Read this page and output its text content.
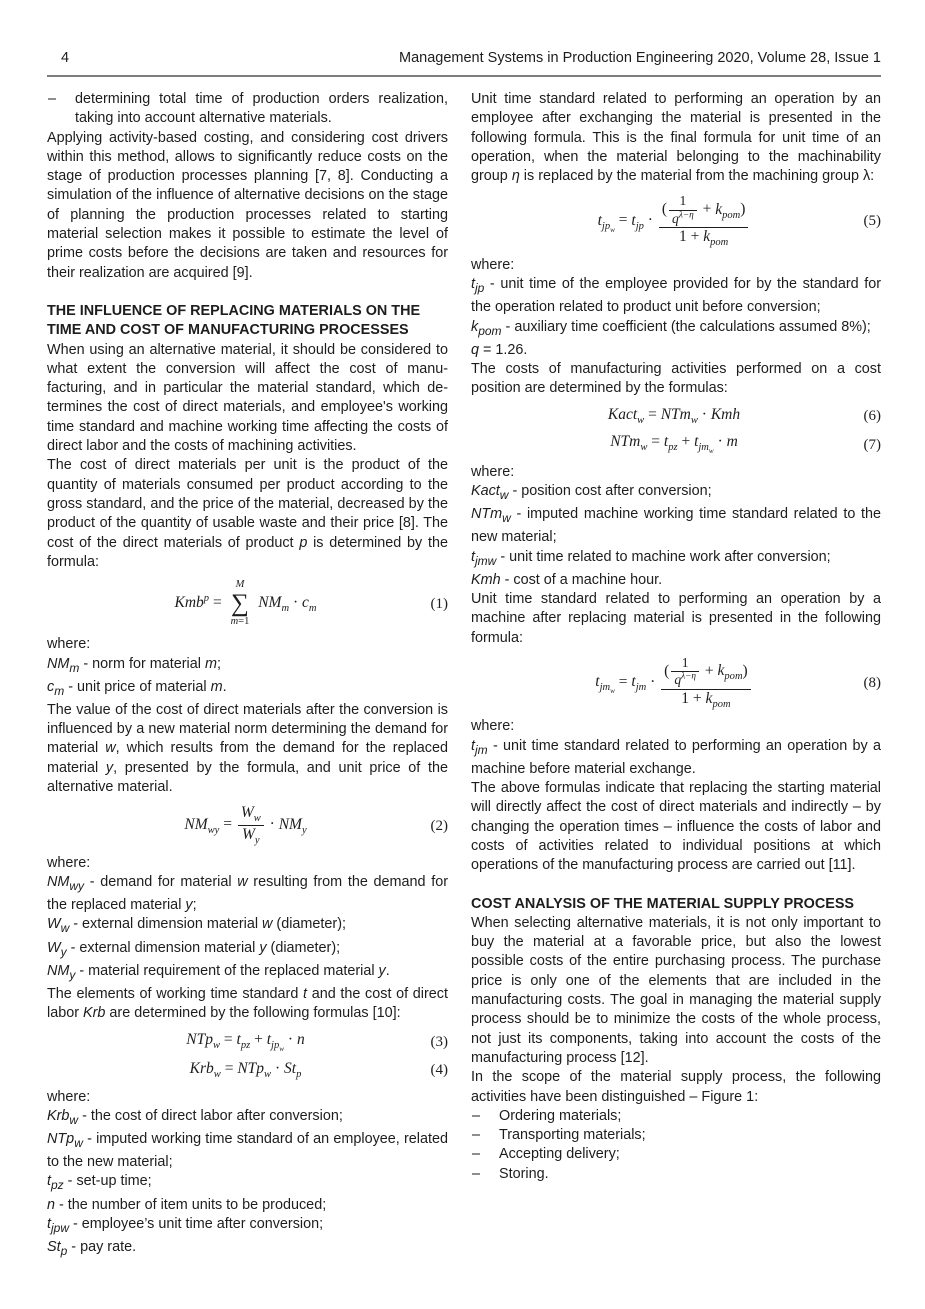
4	Management Systems in Production Engineering 2020, Volume 28, Issue 1
– determining total time of production orders realization, taking into account alternative materials.

Applying activity-based costing, and considering cost drivers within this method, allows to significantly reduce costs on the stage of production processes planning [7, 8]. Conducting a simulation of the influence of alternative decisions on the stage of planning the production processes related to starting material selection makes it possible to estimate the level of prime costs before the decisions are taken and resources for their realization are acquired [9].

THE INFLUENCE OF REPLACING MATERIALS ON THE TIME AND COST OF MANUFACTURING PROCESSES

When using an alternative material, it should be considered to what extent the conversion will affect the cost of manufacturing, and in particular the material standard, which determines the cost of direct materials, and employee's working time standard and machine working time affecting the costs of direct labor and the costs of machining activities.

The cost of direct materials per unit is the product of the quantity of materials consumed per product according to the gross standard, and the price of the material, decreased by the product of the quantity of usable waste and their price [8]. The cost of the direct materials of product p is determined by the formula:

Kmb$^p$ =
M
∑
m=1
$NM_m \cdot c_m$	(1)

where:

$NM_m$ - norm for material m;

$c_m$ - unit price of material m.

The value of the cost of direct materials after the conversion is influenced by a new material norm determining the demand for material w, which results from the demand for the replaced material y, presented by the formula, and unit price of the alternative material.

$NM_{wy} = \frac{W_w}{W_y} \cdot NM_y$	(2)

where:

$NM_{wy}$ - demand for material w resulting from the demand for the replaced material y;

$W_w$ - external dimension material w (diameter);

$W_y$ - external dimension material y (diameter);

$NM_y$ - material requirement of the replaced material y.

The elements of working time standard t and the cost of direct labor Krb are determined by the following formulas [10]:

$NTp_w = t_{pz} + t_{jp_w} \cdot n$	(3)
$Krb_w = NTp_w \cdot St_p$	(4)

where:

Krb$_w$ - the cost of direct labor after conversion;

NTp$_w$ - imputed working time standard of an employee, related to the new material;

$t_{pz} - set-up$ time;

n - the number of item units to be produced;

$t_{jpw}$ - employee’s unit time after conversion;

$St_p$ - pay rate.

Unit time standard related to performing an operation by an employee after exchanging the material is presented in the following formula. This is the final formula for unit time of an operation, when the material belonging to the machinability group η is replaced by the material from the machining group λ:

$t_{jp_w} = t_{jp}$ ·
( $\frac{1}{q^{\lambda-\eta}} + k_{pom}$)
$1 + k_{pom}$
(5)

where:

$t_{jp}$ - unit time of the employee provided for by the standard for the operation related to product unit before conversion;

$k_{pom}$ - auxiliary time coefficient (the calculations assumed 8%);

q = 1.26.

The costs of manufacturing activities performed on a cost position are determined by the formulas:

Kact$_w$ = NTm$_w$ · Kmh	(6)
$NTm_w = t_{pz} + t_{jm_w} \cdot m$	(7)

where:

Kact$_w$ - position cost after conversion;

NTm$_w$ - imputed machine working time standard related to the new material;

$t_{jmw}$ - unit time related to machine work after conversion;

Kmh - cost of a machine hour.

Unit time standard related to performing an operation by a machine after replacing material is presented in the following formula:

$t_{jm_w} = t_{jm}$ ·
( $\frac{1}{q^{\lambda-\eta}} + k_{pom}$)
$1 + k_{pom}$
(8)

where:

$t_{jm}$ - unit time standard related to performing an operation by a machine before material exchange.

The above formulas indicate that replacing the starting material will directly affect the cost of direct materials and indirectly – by changing the operation times – influence the costs of labor and costs of activities related to individual positions at which operations of the manufacturing process are carried out [11].

COST ANALYSIS OF THE MATERIAL SUPPLY PROCESS

When selecting alternative materials, it is not only important to buy the material at a favorable price, but also the lowest possible costs of the entire purchasing process. The purchase price is only one of the elements that are included in the manufacturing costs. The goal in managing the material supply process should be to minimize the costs of the whole process, not just its components, taking into account the costs of the manufacturing process [12].

In the scope of the material supply process, the following activities have been distinguished – Figure 1:

– Ordering materials;
– Transporting materials;
– Accepting delivery;
– Storing.
